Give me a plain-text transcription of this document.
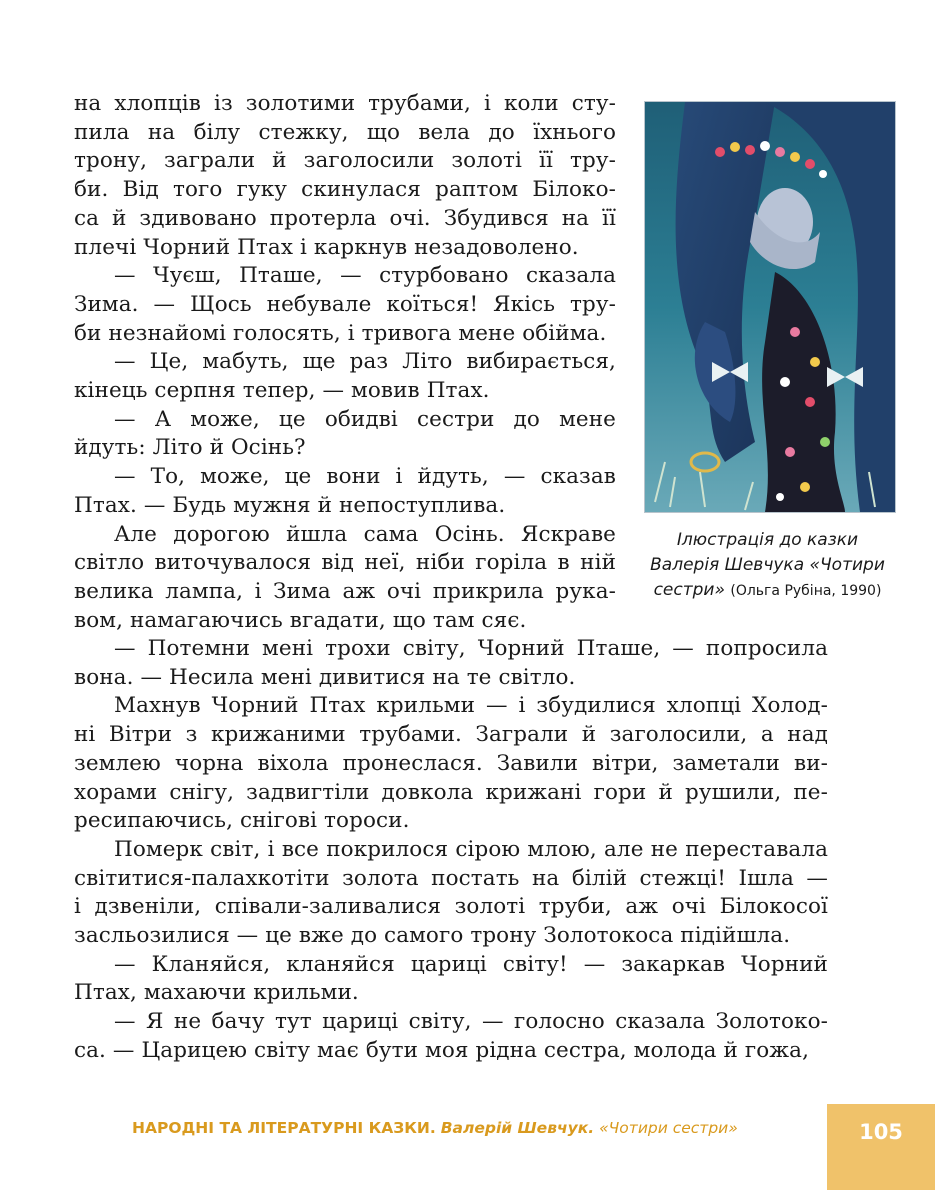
на хлопців із золотими трубами, і коли сту-

пила на білу стежку, що вела до їхнього

трону, заграли й заголосили золоті її тру-

би. Від того гуку скинулася раптом Білоко-

са й здивовано протерла очі. Збудився на її

плечі Чорний Птах і каркнув незадоволено.

— Чуєш, Пташе, — стурбовано сказала

Зима. — Щось небувале коїться! Якісь тру-

би незнайомі голосять, і тривога мене обійма.

— Це, мабуть, ще раз Літо вибирається,

кінець серпня тепер, — мовив Птах.

— А може, це обидві сестри до мене

йдуть: Літо й Осінь?

— То, може, це вони і йдуть, — сказав

Птах. — Будь мужня й непоступлива.

Але дорогою йшла сама Осінь. Яскраве

світло виточувалося від неї, ніби горіла в ній

велика лампа, і Зима аж очі прикрила рука-

вом, намагаючись вгадати, що там сяє.

— Потемни мені трохи світу, Чорний Пташе, — попросила

вона. — Несила мені дивитися на те світло.

Махнув Чорний Птах крильми — і збудилися хлопці Холод-

ні Вітри з крижаними трубами. Заграли й заголосили, а над

землею чорна віхола пронеслася. Завили вітри, заметали ви-

хорами снігу, задвигтіли довкола крижані гори й рушили, пе-

ресипаючись, снігові тороси.

Померк світ, і все покрилося сірою млою, але не переставала

світитися-палахкотіти золота постать на білій стежці! Ішла —

і дзвеніли, співали-заливалися золоті труби, аж очі Білокосої

засльозилися — це вже до самого трону Золотокоса підійшла.

— Кланяйся, кланяйся цариці світу! — закаркав Чорний

Птах, махаючи крильми.

— Я не бачу тут цариці світу, — голосно сказала Золотоко-

са. — Царицею світу має бути моя рідна сестра, молода й гожа,

Ілюстрація до казки
Валерія Шевчука «Чотири
сестри» (Ольга Рубіна, 1990)
НАРОДНІ ТА ЛІТЕРАТУРНІ КАЗКИ. Валерій Шевчук. «Чотири сестри»	105
